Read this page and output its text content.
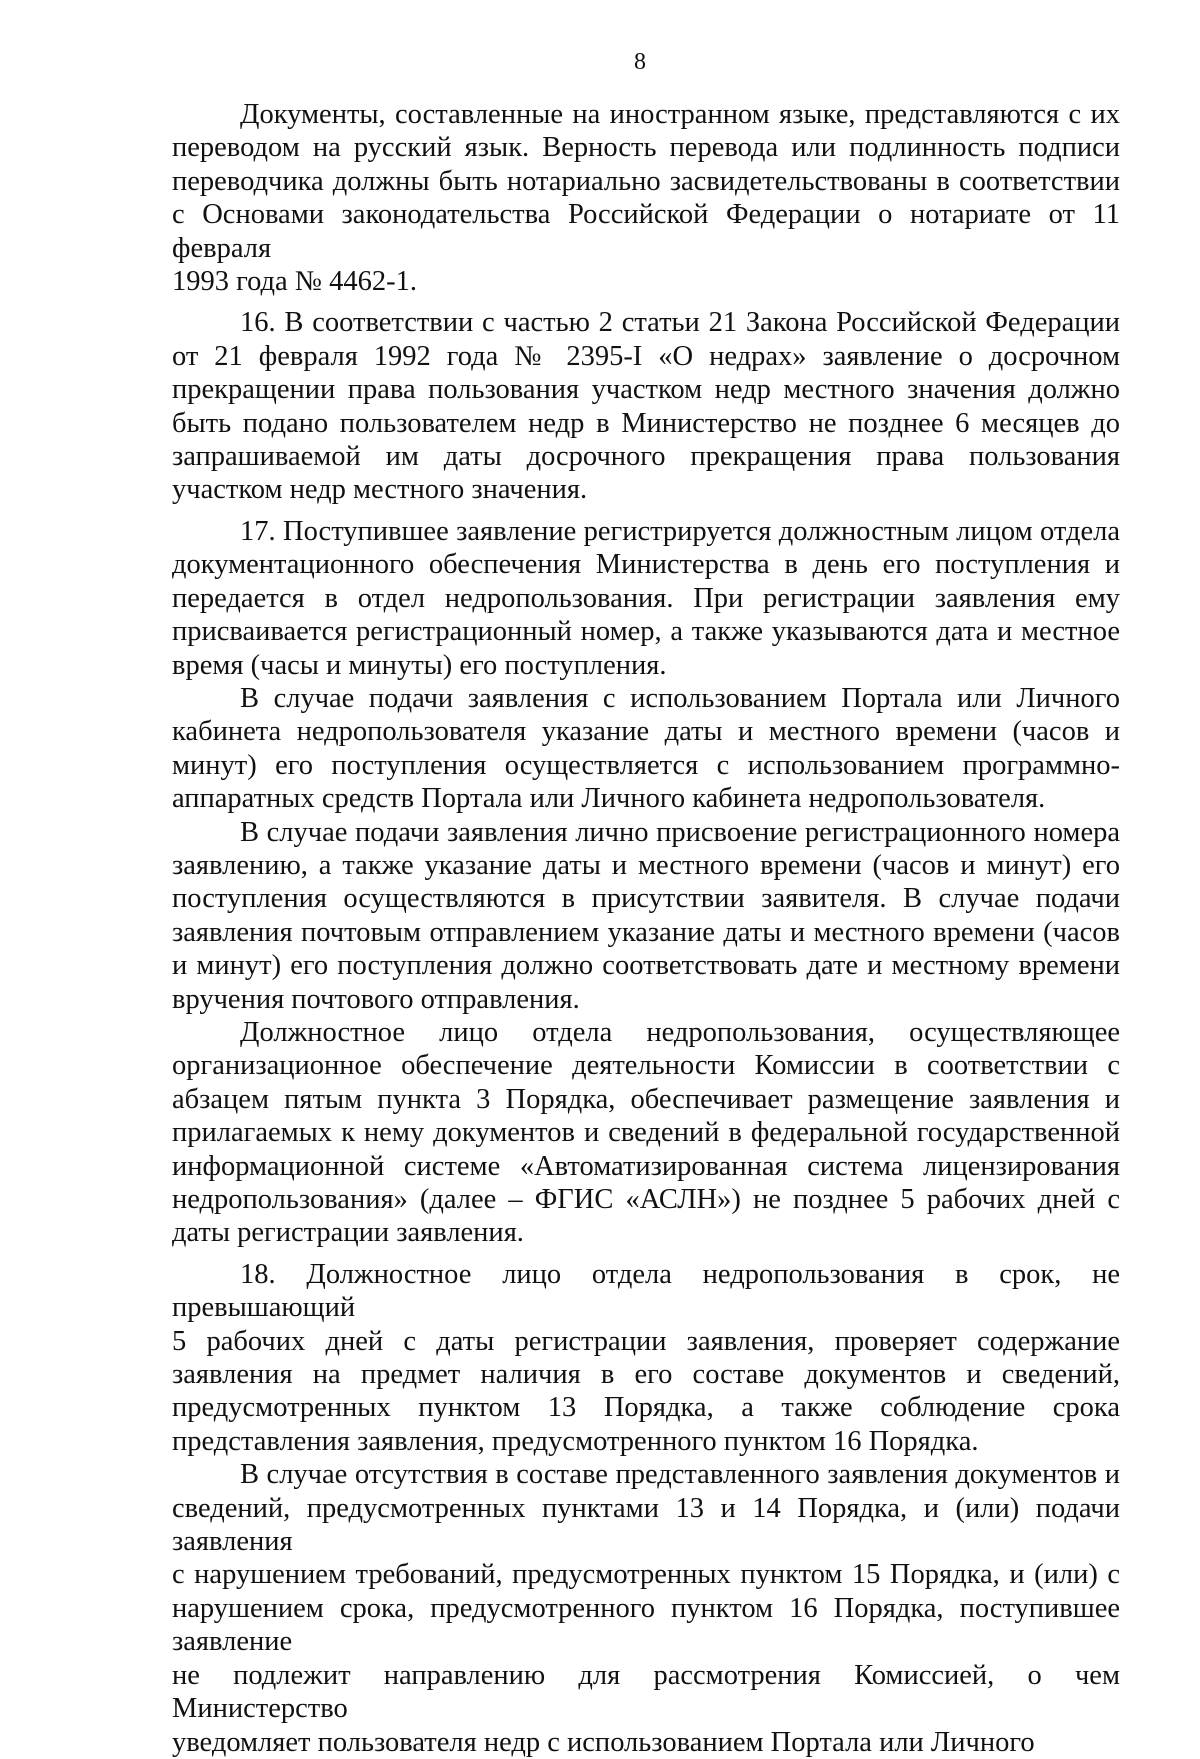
8
Документы, составленные на иностранном языке, представляются с их
переводом на русский язык. Верность перевода или подлинность подписи
переводчика должны быть нотариально засвидетельствованы в соответствии
с Основами законодательства Российской Федерации о нотариате от 11 февраля
1993 года № 4462-1.
16. В соответствии с частью 2 статьи 21 Закона Российской Федерации
от 21 февраля 1992 года № 2395-I «О недрах» заявление о досрочном
прекращении права пользования участком недр местного значения должно
быть подано пользователем недр в Министерство не позднее 6 месяцев до
запрашиваемой им даты досрочного прекращения права пользования
участком недр местного значения.
17. Поступившее заявление регистрируется должностным лицом отдела
документационного обеспечения Министерства в день его поступления и
передается в отдел недропользования. При регистрации заявления ему
присваивается регистрационный номер, а также указываются дата и местное
время (часы и минуты) его поступления.
В случае подачи заявления с использованием Портала или Личного
кабинета недропользователя указание даты и местного времени (часов и
минут) его поступления осуществляется с использованием программно-
аппаратных средств Портала или Личного кабинета недропользователя.
В случае подачи заявления лично присвоение регистрационного номера
заявлению, а также указание даты и местного времени (часов и минут) его
поступления осуществляются в присутствии заявителя. В случае подачи
заявления почтовым отправлением указание даты и местного времени (часов
и минут) его поступления должно соответствовать дате и местному времени
вручения почтового отправления.
Должностное лицо отдела недропользования, осуществляющее
организационное обеспечение деятельности Комиссии в соответствии с
абзацем пятым пункта 3 Порядка, обеспечивает размещение заявления и
прилагаемых к нему документов и сведений в федеральной государственной
информационной системе «Автоматизированная система лицензирования
недропользования» (далее – ФГИС «АСЛН») не позднее 5 рабочих дней с
даты регистрации заявления.
18. Должностное лицо отдела недропользования в срок, не превышающий
5 рабочих дней с даты регистрации заявления, проверяет содержание
заявления на предмет наличия в его составе документов и сведений,
предусмотренных пунктом 13 Порядка, а также соблюдение срока
представления заявления, предусмотренного пунктом 16 Порядка.
В случае отсутствия в составе представленного заявления документов и
сведений, предусмотренных пунктами 13 и 14 Порядка, и (или) подачи заявления
с нарушением требований, предусмотренных пунктом 15 Порядка, и (или) с
нарушением срока, предусмотренного пунктом 16 Порядка, поступившее заявление
не подлежит направлению для рассмотрения Комиссией, о чем Министерство
уведомляет пользователя недр с использованием Портала или Личного
